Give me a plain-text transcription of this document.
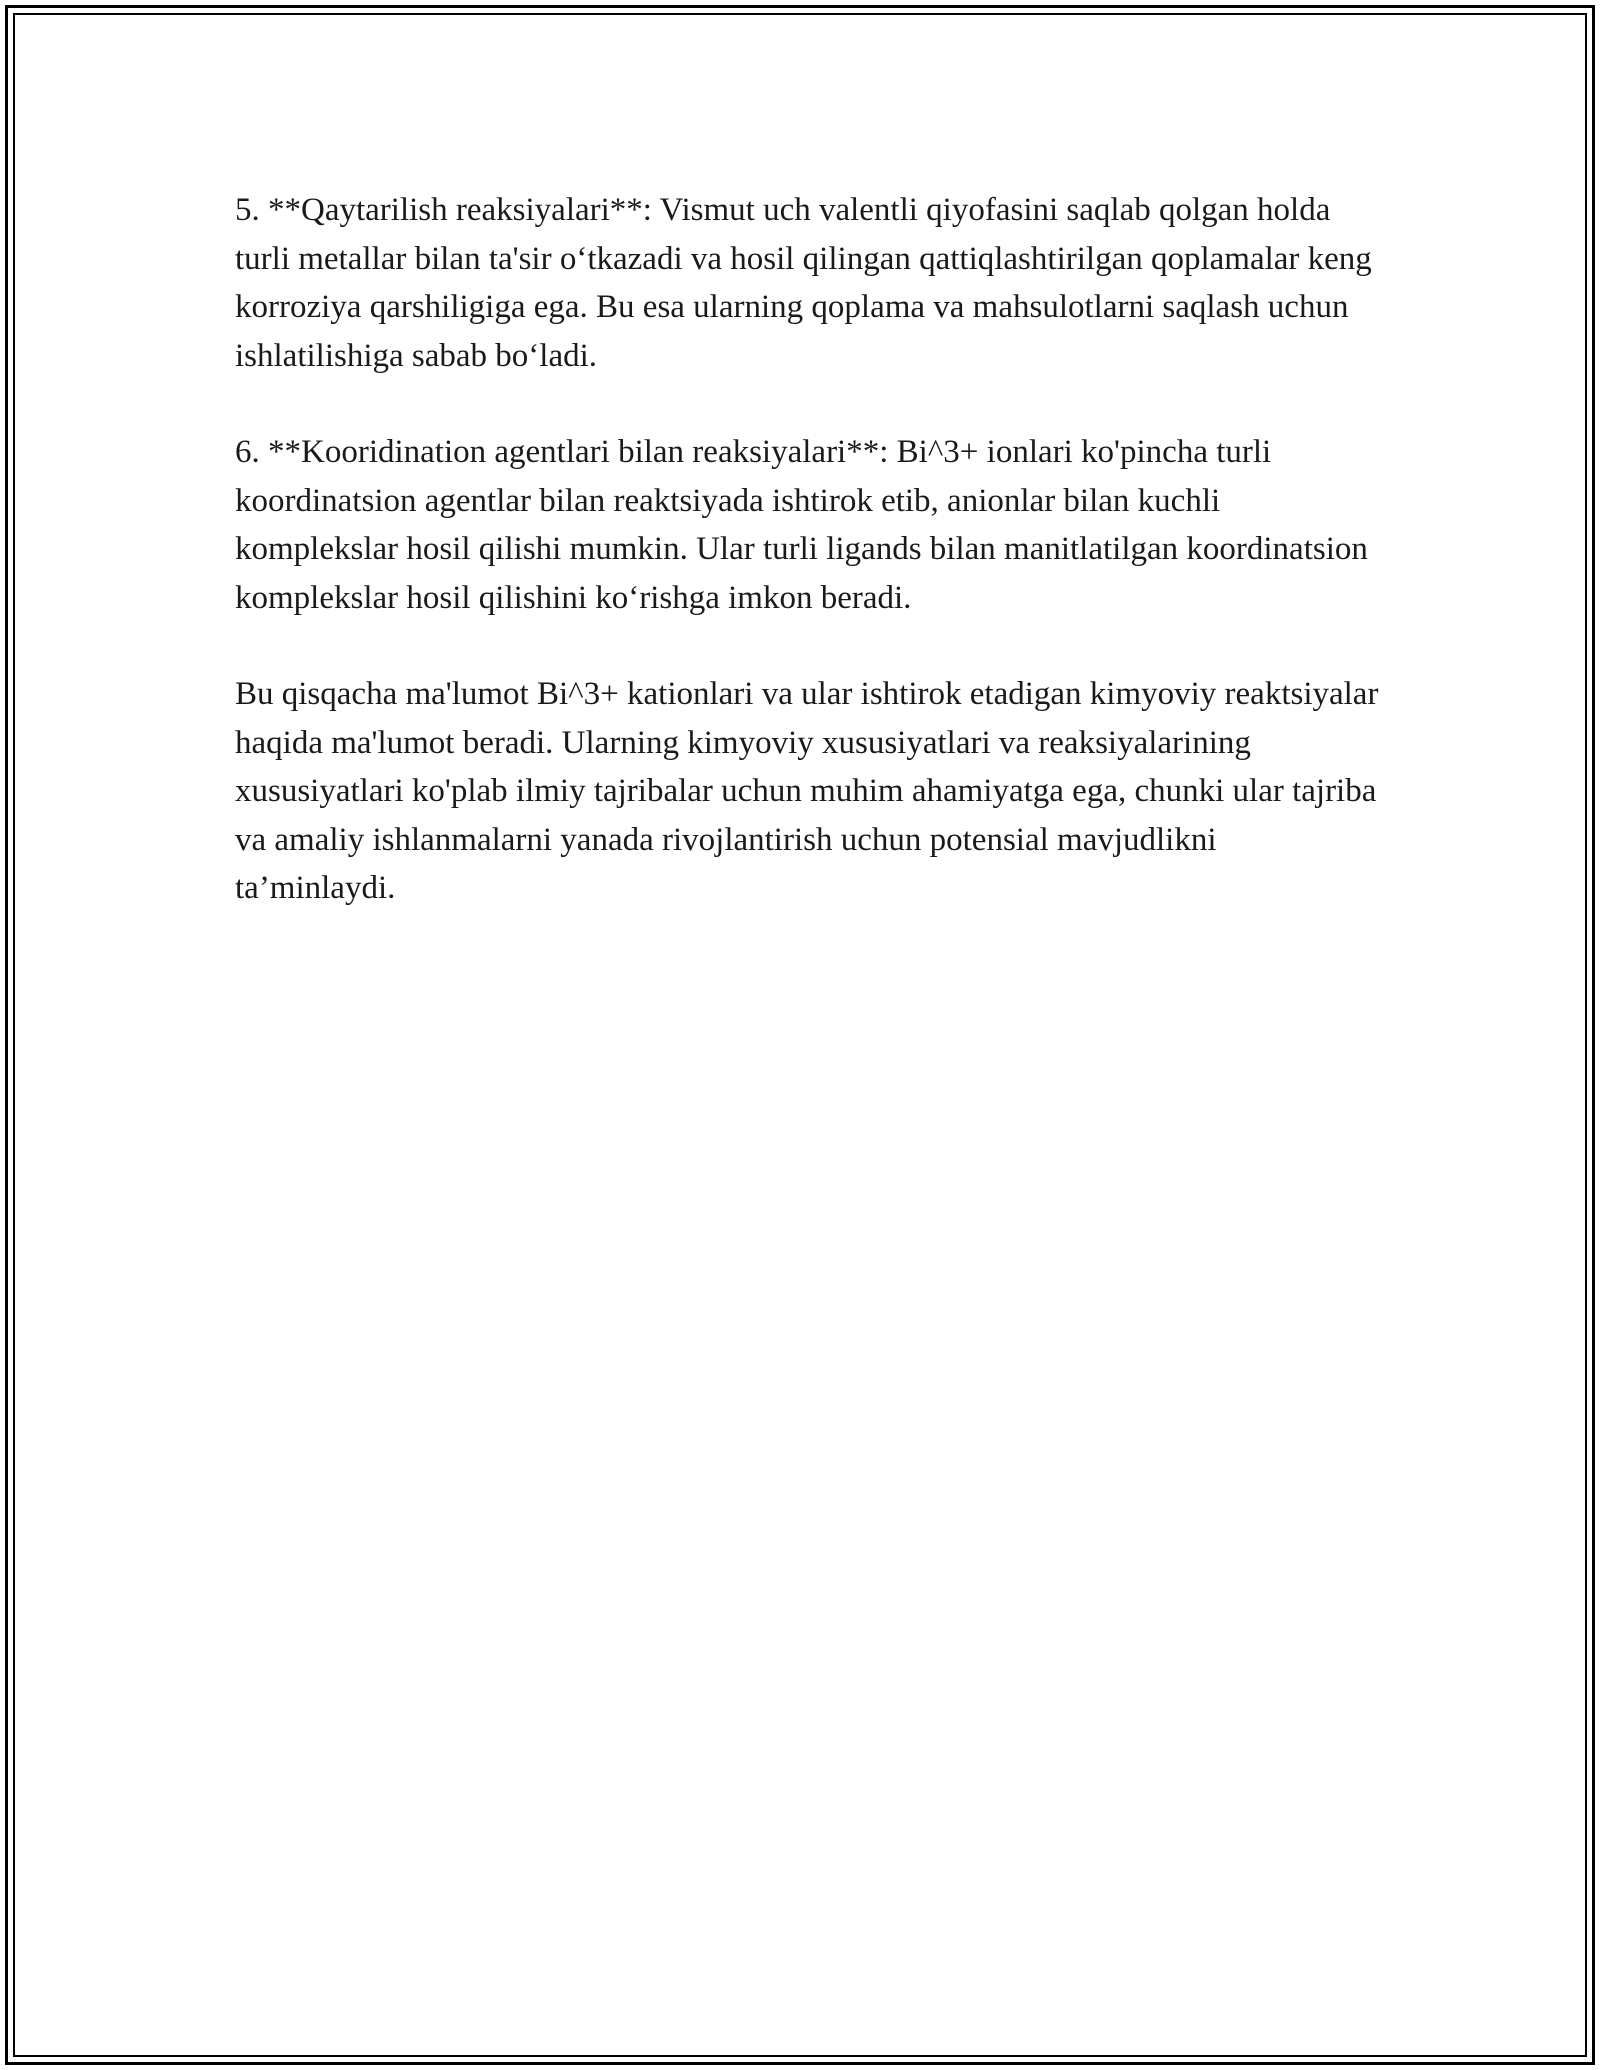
5. **Qaytarilish reaksiyalari**: Vismut uch valentli qiyofasini saqlab qolgan holda turli metallar bilan ta'sir oʻtkazadi va hosil qilingan qattiqlashtirilgan qoplamalar keng korroziya qarshiligiga ega. Bu esa ularning qoplama va mahsulotlarni saqlash uchun ishlatilishiga sabab boʻladi.

6. **Kooridination agentlari bilan reaksiyalari**: Bi^3+ ionlari ko'pincha turli koordinatsion agentlar bilan reaktsiyada ishtirok etib, anionlar bilan kuchli komplekslar hosil qilishi mumkin. Ular turli ligands bilan manitlatilgan koordinatsion komplekslar hosil qilishini koʻrishga imkon beradi.

Bu qisqacha ma'lumot Bi^3+ kationlari va ular ishtirok etadigan kimyoviy reaktsiyalar haqida ma'lumot beradi. Ularning kimyoviy xususiyatlari va reaksiyalarining xususiyatlari ko'plab ilmiy tajribalar uchun muhim ahamiyatga ega, chunki ular tajriba va amaliy ishlanmalarni yanada rivojlantirish uchun potensial mavjudlikni ta’minlaydi.
